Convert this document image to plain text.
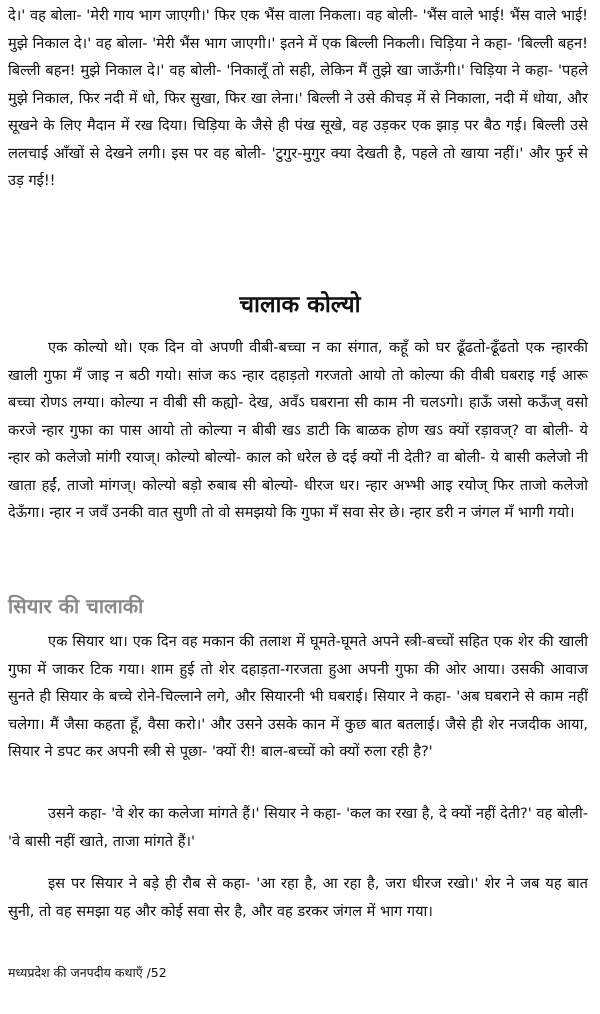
दे।' वह बोला- 'मेरी गाय भाग जाएगी।' फिर एक भैंस वाला निकला। वह बोली- 'भैंस वाले भाई! भैंस वाले भाई! मुझे निकाल दे।' वह बोला- 'मेरी भैंस भाग जाएगी।' इतने में एक बिल्ली निकली। चिड़िया ने कहा- 'बिल्ली बहन! बिल्ली बहन! मुझे निकाल दे।' वह बोली- 'निकालूँ तो सही, लेकिन मैं तुझे खा जाऊँगी।' चिड़िया ने कहा- 'पहले मुझे निकाल, फिर नदी में धो, फिर सुखा, फिर खा लेना।' बिल्ली ने उसे कीचड़ में से निकाला, नदी में धोया, और सूखने के लिए मैदान में रख दिया। चिड़िया के जैसे ही पंख सूखे, वह उड़कर एक झाड़ पर बैठ गई। बिल्ली उसे ललचाई आँखों से देखने लगी। इस पर वह बोली- 'टुगुर-मुगुर क्या देखती है, पहले तो खाया नहीं।' और फुर्र से उड़ गई!!

चालाक कोल्यो

एक कोल्यो थो। एक दिन वो अपणी वीबी-बच्चा न का संगात, कहूँ को घर ढूँढतो-ढूँढतो एक न्हारकी खाली गुफा मँ जाइ न बठी गयो। सांज कऽ न्हार दहाड़तो गरजतो आयो तो कोल्या की वीबी घबराइ गई आरू बच्चा रोणऽ लग्या। कोल्या न वीबी सी कह्यो- देख, अवँऽ घबराना सी काम नी चलऽगो। हाऊँ जसो कऊँज् वसो करजे न्हार गुफा का पास आयो तो कोल्या न बीबी खऽ डाटी कि बाळक होण खऽ क्यों रड़ावज्? वा बोली- ये न्हार को कलेजो मांगी रयाज्। कोल्यो बोल्यो- काल को धरेल छे दई क्यों नी देती? वा बोली- ये बासी कलेजो नी खाता हईं, ताजो मांगज्। कोल्यो बड़ो रुबाब सी बोल्यो- धीरज धर। न्हार अभ्भी आइ रयोज् फिर ताजो कलेजो देऊँगा। न्हार न जवँ उनकी वात सुणी तो वो समझयो कि गुफा मँ सवा सेर छे। न्हार डरी न जंगल मँ भागी गयो।

सियार की चालाकी

एक सियार था। एक दिन वह मकान की तलाश में घूमते-घूमते अपने स्त्री-बच्चों सहित एक शेर की खाली गुफा में जाकर टिक गया। शाम हुई तो शेर दहाड़ता-गरजता हुआ अपनी गुफा की ओर आया। उसकी आवाज सुनते ही सियार के बच्चे रोने-चिल्लाने लगे, और सियारनी भी घबराई। सियार ने कहा- 'अब घबराने से काम नहीं चलेगा। मैं जैसा कहता हूँ, वैसा करो।' और उसने उसके कान में कुछ बात बतलाई। जैसे ही शेर नजदीक आया, सियार ने डपट कर अपनी स्त्री से पूछा- 'क्यों री! बाल-बच्चों को क्यों रुला रही है?'

उसने कहा- 'वे शेर का कलेजा मांगते हैं।' सियार ने कहा- 'कल का रखा है, दे क्यों नहीं देती?' वह बोली- 'वे बासी नहीं खाते, ताजा मांगते हैं।'

इस पर सियार ने बड़े ही रौब से कहा- 'आ रहा है, आ रहा है, जरा धीरज रखो।' शेर ने जब यह बात सुनी, तो वह समझा यह और कोई सवा सेर है, और वह डरकर जंगल में भाग गया।

मध्यप्रदेश की जनपदीय कथाएँ /52
